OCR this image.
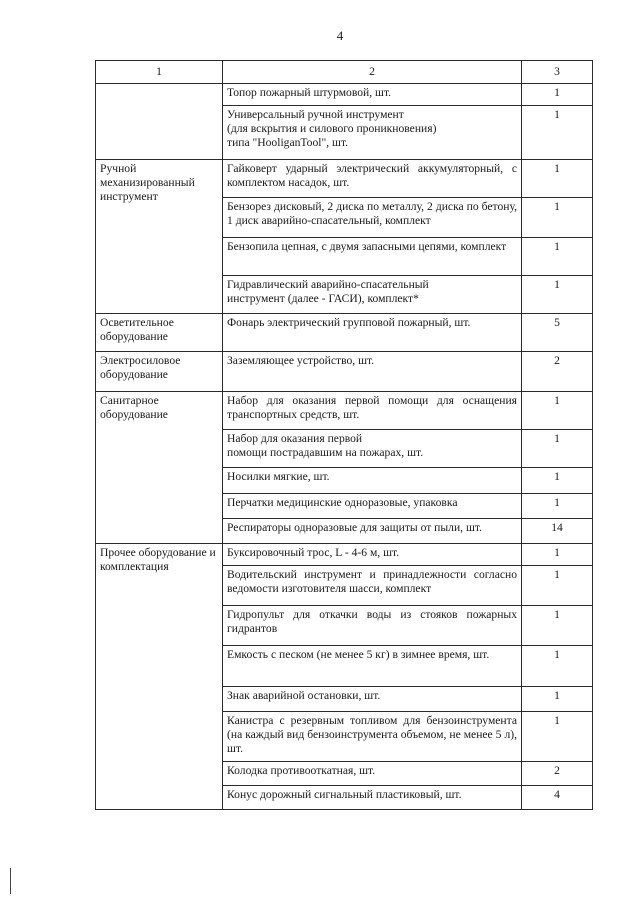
4
1	2	3
	Топор пожарный штурмовой, шт.	1
	Универсальный ручной инструмент
(для вскрытия и силового проникновения)
типа "HooliganTool", шт.	1
Ручной механизированный инструмент	Гайковерт ударный электрический аккумуляторный, с комплектом насадок, шт.	1
	Бензорез дисковый, 2 диска по металлу, 2 диска по бетону, 1 диск аварийно-спасательный, комплект	1
	Бензопила цепная, с двумя запасными цепями, комплект	1
	Гидравлический аварийно-спасательный
инструмент (далее - ГАСИ), комплект*	1
Осветительное оборудование	Фонарь электрический групповой пожарный, шт.	5
Электросиловое оборудование	Заземляющее устройство, шт.	2
Санитарное оборудование	Набор для оказания первой помощи для оснащения транспортных средств, шт.	1
	Набор для оказания первой
помощи пострадавшим на пожарах, шт.	1
	Носилки мягкие, шт.	1
	Перчатки медицинские одноразовые, упаковка	1
	Респираторы одноразовые для защиты от пыли, шт.	14
Прочее оборудование и комплектация	Буксировочный трос, L - 4-6 м, шт.	1
	Водительский инструмент и принадлежности согласно ведомости изготовителя шасси, комплект	1
	Гидропульт для откачки воды из стояков пожарных гидрантов	1
	Емкость с песком (не менее 5 кг) в зимнее время, шт.	1
	Знак аварийной остановки, шт.	1
	Канистра с резервным топливом для бензоинструмента (на каждый вид бензоинструмента объемом, не менее 5 л), шт.	1
	Колодка противооткатная, шт.	2
	Конус дорожный сигнальный пластиковый, шт.	4
